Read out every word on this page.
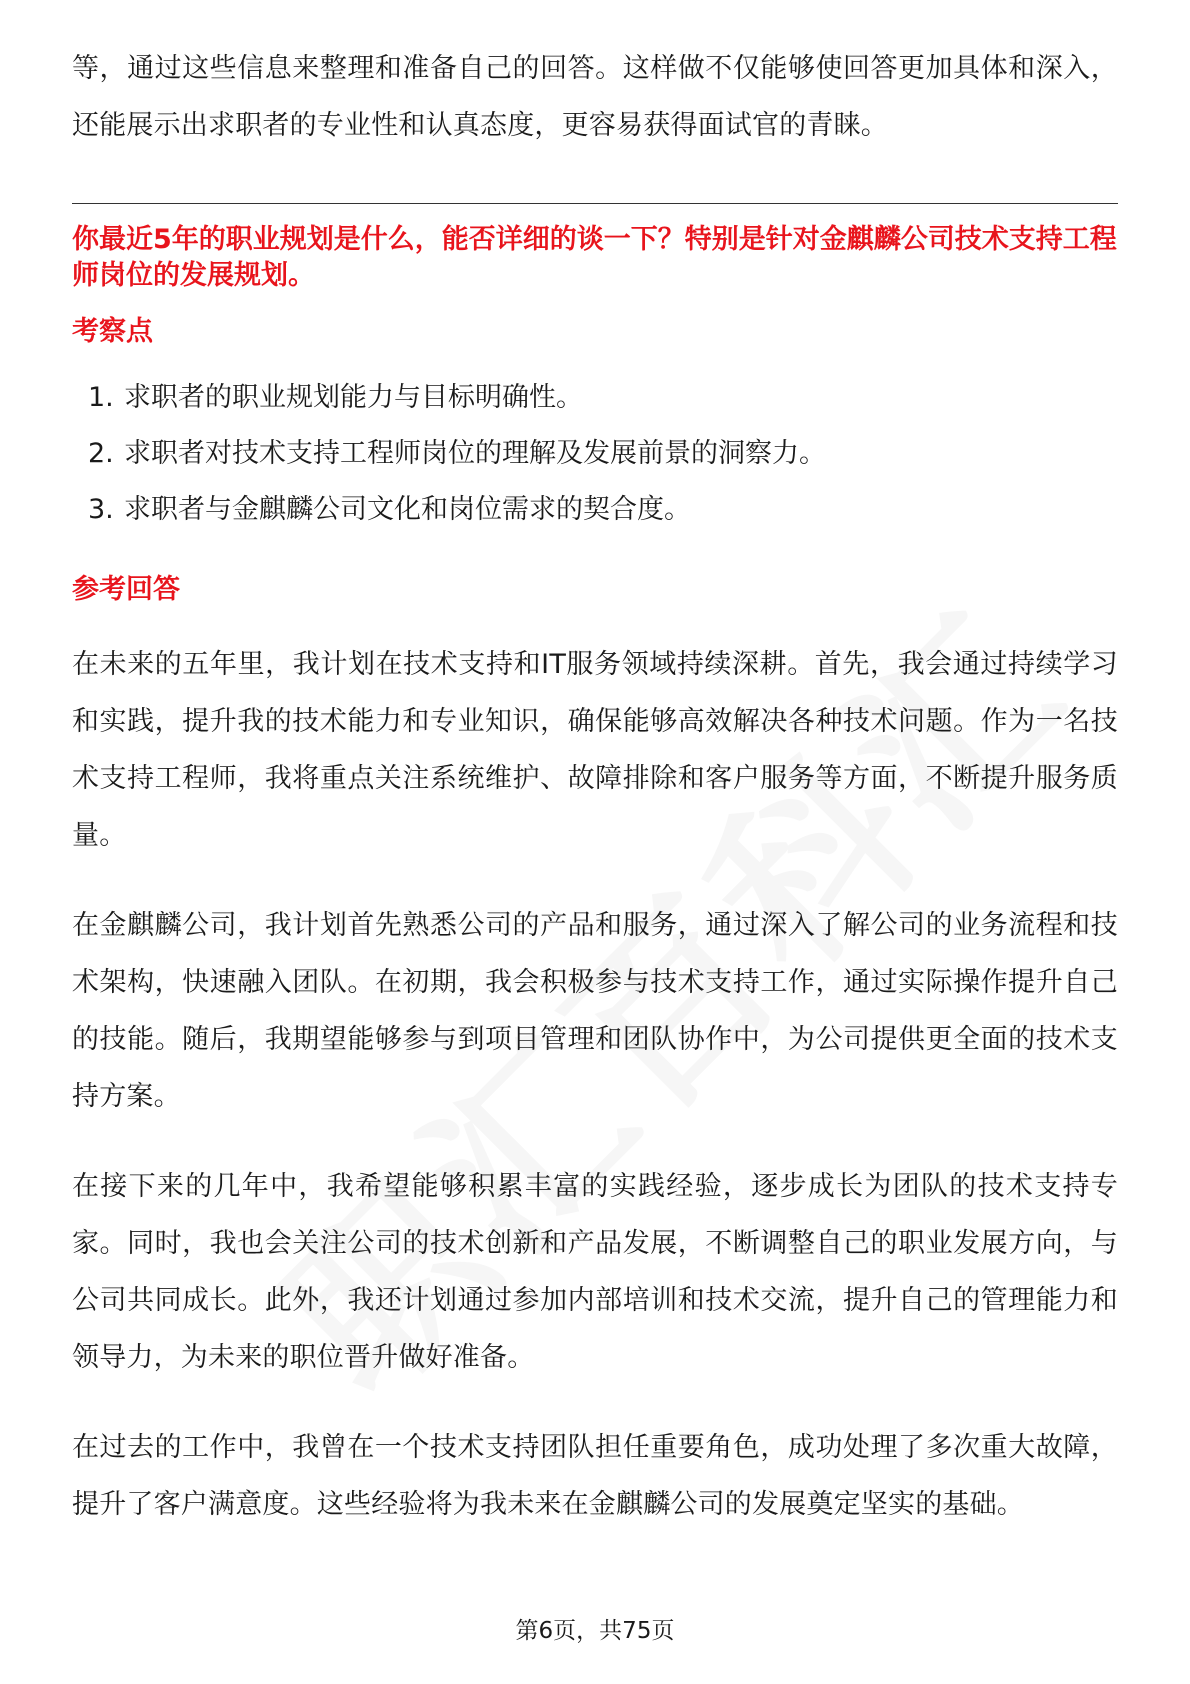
等，通过这些信息来整理和准备自己的回答。这样做不仅能够使回答更加具体和深入，还能展示出求职者的专业性和认真态度，更容易获得面试官的青睐。

你最近5年的职业规划是什么，能否详细的谈一下？特别是针对金麒麟公司技术支持工程师岗位的发展规划。

考察点

1. 求职者的职业规划能力与目标明确性。
2. 求职者对技术支持工程师岗位的理解及发展前景的洞察力。
3. 求职者与金麒麟公司文化和岗位需求的契合度。

参考回答

在未来的五年里，我计划在技术支持和IT服务领域持续深耕。首先，我会通过持续学习和实践，提升我的技术能力和专业知识，确保能够高效解决各种技术问题。作为一名技术支持工程师，我将重点关注系统维护、故障排除和客户服务等方面，不断提升服务质量。

在金麒麟公司，我计划首先熟悉公司的产品和服务，通过深入了解公司的业务流程和技术架构，快速融入团队。在初期，我会积极参与技术支持工作，通过实际操作提升自己的技能。随后，我期望能够参与到项目管理和团队协作中，为公司提供更全面的技术支持方案。

在接下来的几年中，我希望能够积累丰富的实践经验，逐步成长为团队的技术支持专家。同时，我也会关注公司的技术创新和产品发展，不断调整自己的职业发展方向，与公司共同成长。此外，我还计划通过参加内部培训和技术交流，提升自己的管理能力和领导力，为未来的职位晋升做好准备。

在过去的工作中，我曾在一个技术支持团队担任重要角色，成功处理了多次重大故障，提升了客户满意度。这些经验将为我未来在金麒麟公司的发展奠定坚实的基础。

第6页，共75页
